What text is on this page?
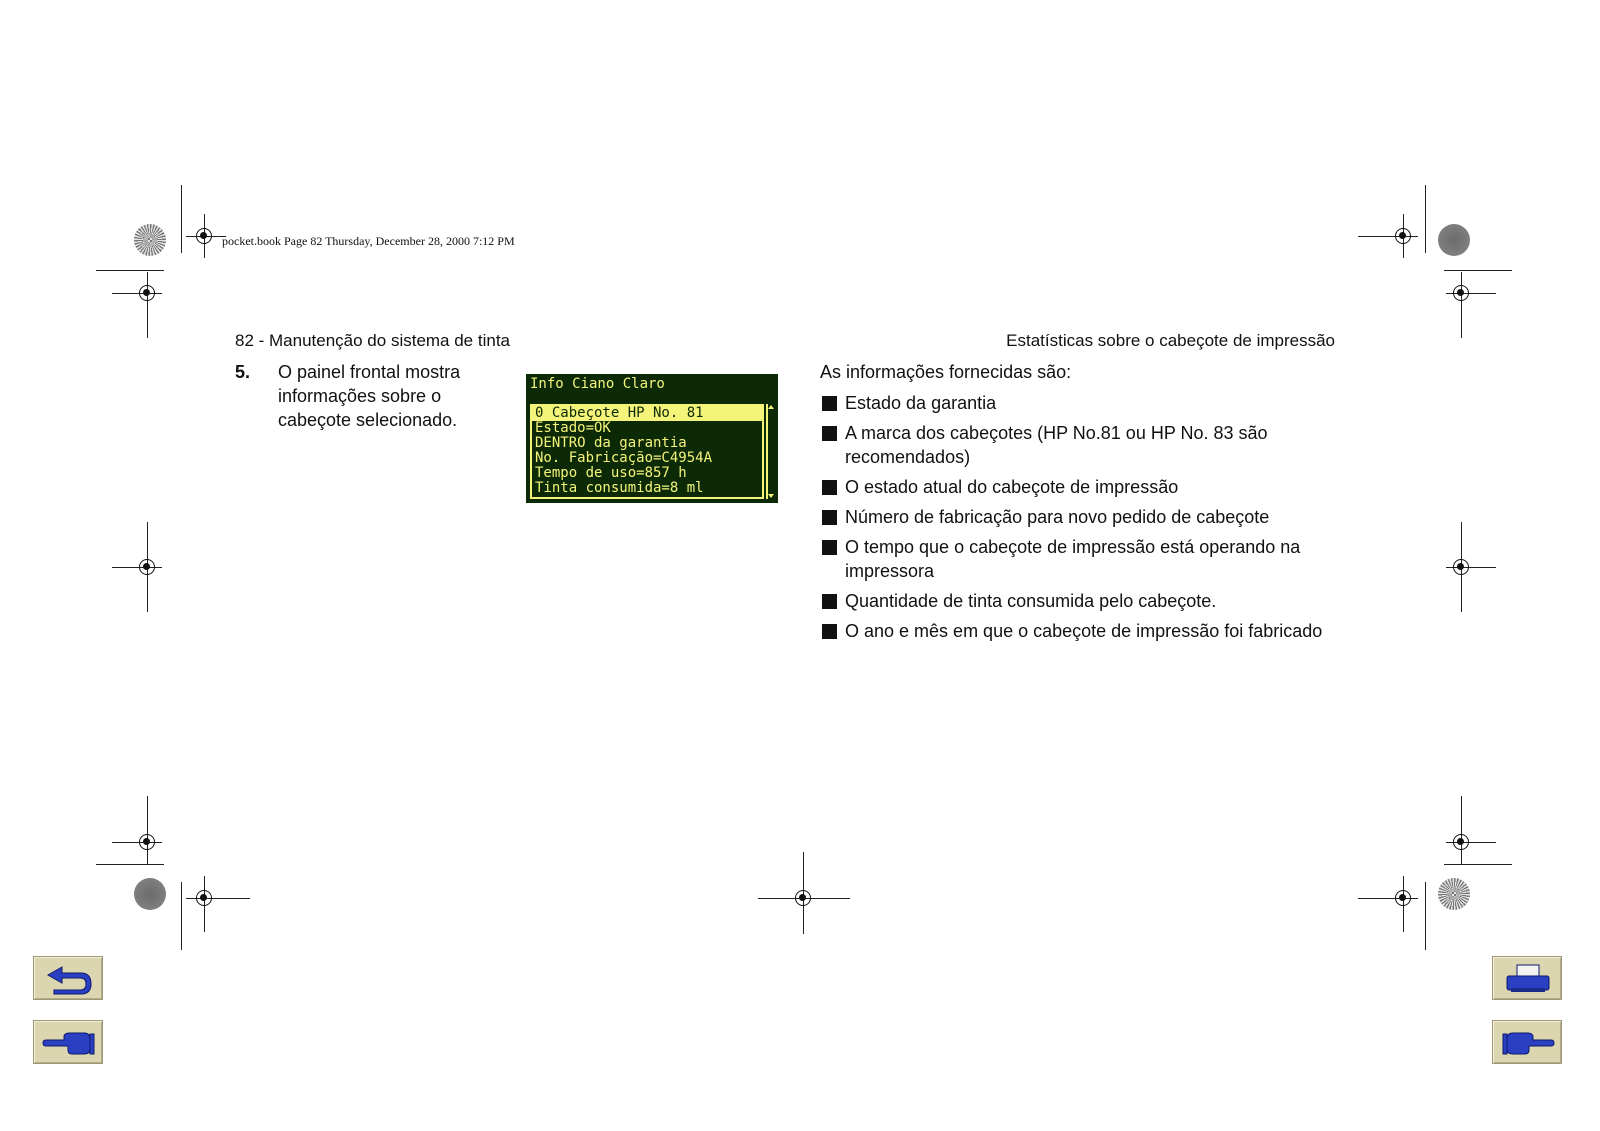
pocket.book Page 82 Thursday, December 28, 2000 7:12 PM
82 - Manutenção do sistema de tinta	Estatísticas sobre o cabeçote de impressão
5. O painel frontal mostra informações sobre o cabeçote selecionado.
Info Ciano Claro
0 Cabeçote HP No. 81
Estado=OK
DENTRO da garantia
No. Fabricação=C4954A
Tempo de uso=857 h
Tinta consumida=8 ml
As informações fornecidas são:
Estado da garantia
A marca dos cabeçotes (HP No.81 ou HP No. 83 são recomendados)
O estado atual do cabeçote de impressão
Número de fabricação para novo pedido de cabeçote
O tempo que o cabeçote de impressão está operando na impressora
Quantidade de tinta consumida pelo cabeçote.
O ano e mês em que o cabeçote de impressão foi fabricado
